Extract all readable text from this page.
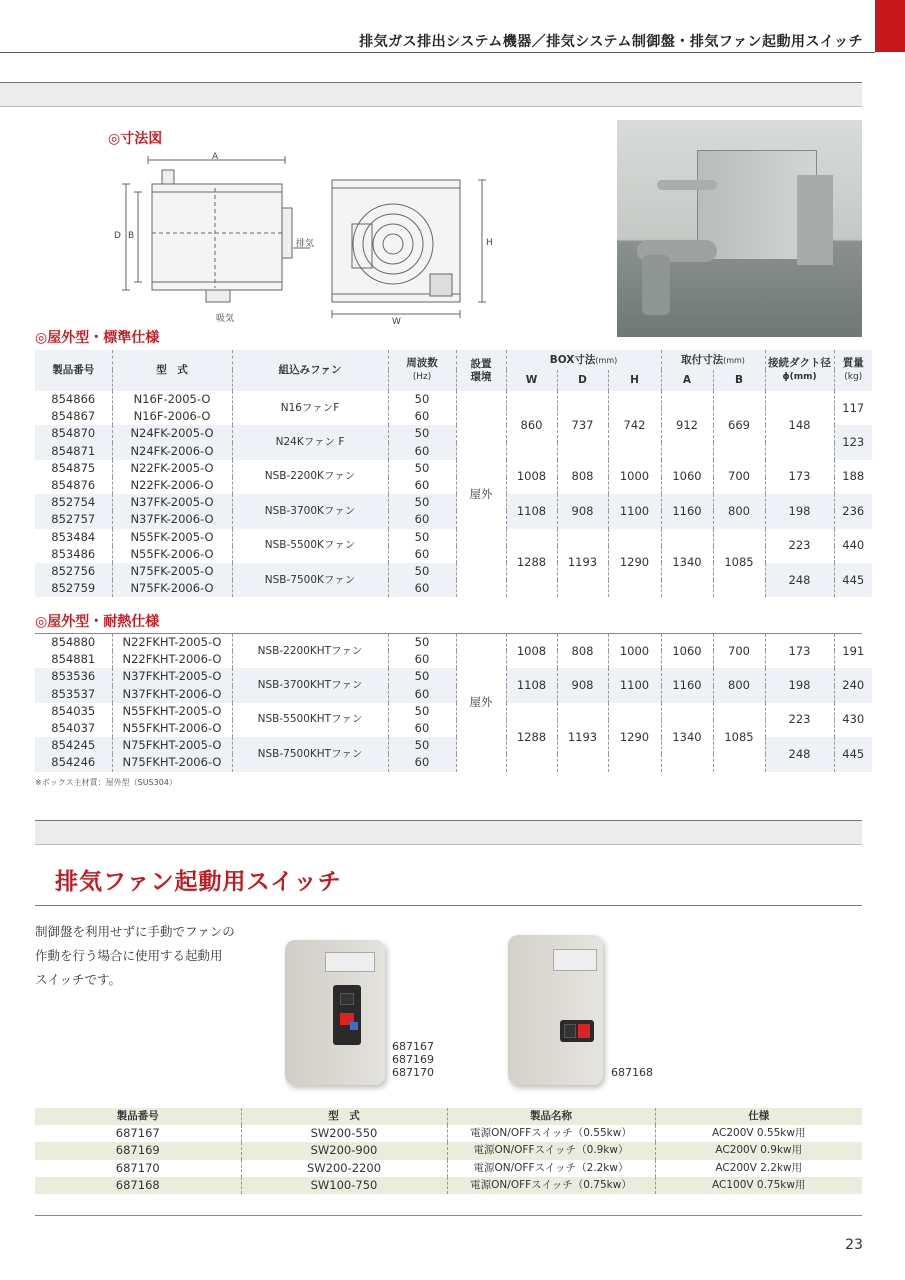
排気ガス排出システム機器／排気システム制御盤・排気ファン起動用スイッチ
◎寸法図
A
D B
排気
吸気
H
W
◎屋外型・標準仕様
製品番号	型　式	組込みファン	周波数
(Hz)	設置
環境	BOX寸法(mm)			取付寸法(mm)		接続ダクト径
ϕ(mm)	質量
(kg)
					W	D	H	A	B		
854866	N16F-2005-O	N16ファンF	50	屋外	860	737	742	912	669	148	117
854867	N16F-2006-O		60								
854870	N24FK-2005-O	N24Kファン F	50								123
854871	N24FK-2006-O		60								
854875	N22FK-2005-O	NSB-2200Kファン	50		1008	808	1000	1060	700	173	188
854876	N22FK-2006-O		60								
852754	N37FK-2005-O	NSB-3700Kファン	50		1108	908	1100	1160	800	198	236
852757	N37FK-2006-O		60								
853484	N55FK-2005-O	NSB-5500Kファン	50		1288	1193	1290	1340	1085	223	440
853486	N55FK-2006-O		60								
852756	N75FK-2005-O	NSB-7500Kファン	50							248	445
852759	N75FK-2006-O		60								
◎屋外型・耐熱仕様
854880	N22FKHT-2005-O	NSB-2200KHTファン	50	屋外	1008	808	1000	1060	700	173	191
854881	N22FKHT-2006-O		60								
853536	N37FKHT-2005-O	NSB-3700KHTファン	50		1108	908	1100	1160	800	198	240
853537	N37FKHT-2006-O		60								
854035	N55FKHT-2005-O	NSB-5500KHTファン	50		1288	1193	1290	1340	1085	223	430
854037	N55FKHT-2006-O		60								
854245	N75FKHT-2005-O	NSB-7500KHTファン	50							248	445
854246	N75FKHT-2006-O		60								
※ボックス主材質：屋外型（SUS304）
排気ファン起動用スイッチ
制御盤を利用せずに手動でファンの
作動を行う場合に使用する起動用
スイッチです。
687167
687169
687170	687168
製品番号	型　式	製品名称	仕様
687167	SW200-550	電源ON/OFFスイッチ（0.55kw）	AC200V 0.55kw用
687169	SW200-900	電源ON/OFFスイッチ（0.9kw）	AC200V 0.9kw用
687170	SW200-2200	電源ON/OFFスイッチ（2.2kw）	AC200V 2.2kw用
687168	SW100-750	電源ON/OFFスイッチ（0.75kw）	AC100V 0.75kw用
23
